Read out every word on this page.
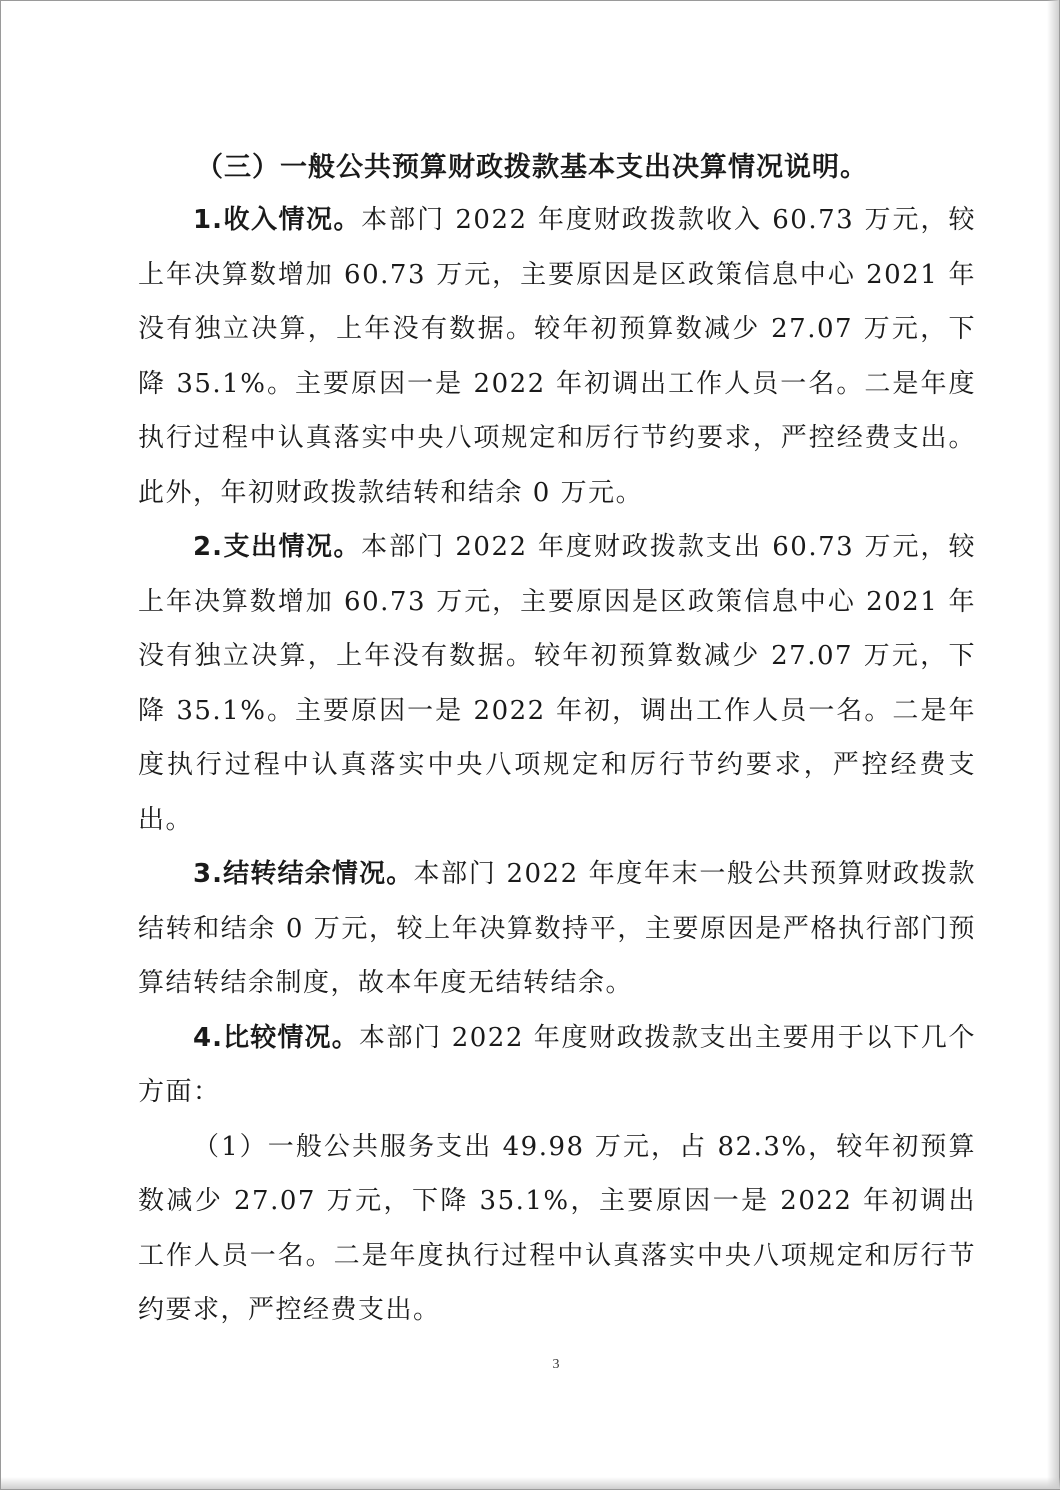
（三）一般公共预算财政拨款基本支出决算情况说明。

1.收入情况。本部门 2022 年度财政拨款收入 60.73 万元，较上年决算数增加 60.73 万元，主要原因是区政策信息中心 2021 年没有独立决算，上年没有数据。较年初预算数减少 27.07 万元，下降 35.1%。主要原因一是 2022 年初调出工作人员一名。二是年度执行过程中认真落实中央八项规定和厉行节约要求，严控经费支出。此外，年初财政拨款结转和结余 0 万元。

2.支出情况。本部门 2022 年度财政拨款支出 60.73 万元，较上年决算数增加 60.73 万元，主要原因是区政策信息中心 2021 年没有独立决算，上年没有数据。较年初预算数减少 27.07 万元，下降 35.1%。主要原因一是 2022 年初，调出工作人员一名。二是年度执行过程中认真落实中央八项规定和厉行节约要求，严控经费支出。

3.结转结余情况。本部门 2022 年度年末一般公共预算财政拨款结转和结余 0 万元，较上年决算数持平，主要原因是严格执行部门预算结转结余制度，故本年度无结转结余。

4.比较情况。本部门 2022 年度财政拨款支出主要用于以下几个方面：

（1）一般公共服务支出 49.98 万元，占 82.3%，较年初预算数减少 27.07 万元，下降 35.1%，主要原因一是 2022 年初调出工作人员一名。二是年度执行过程中认真落实中央八项规定和厉行节约要求，严控经费支出。

3
